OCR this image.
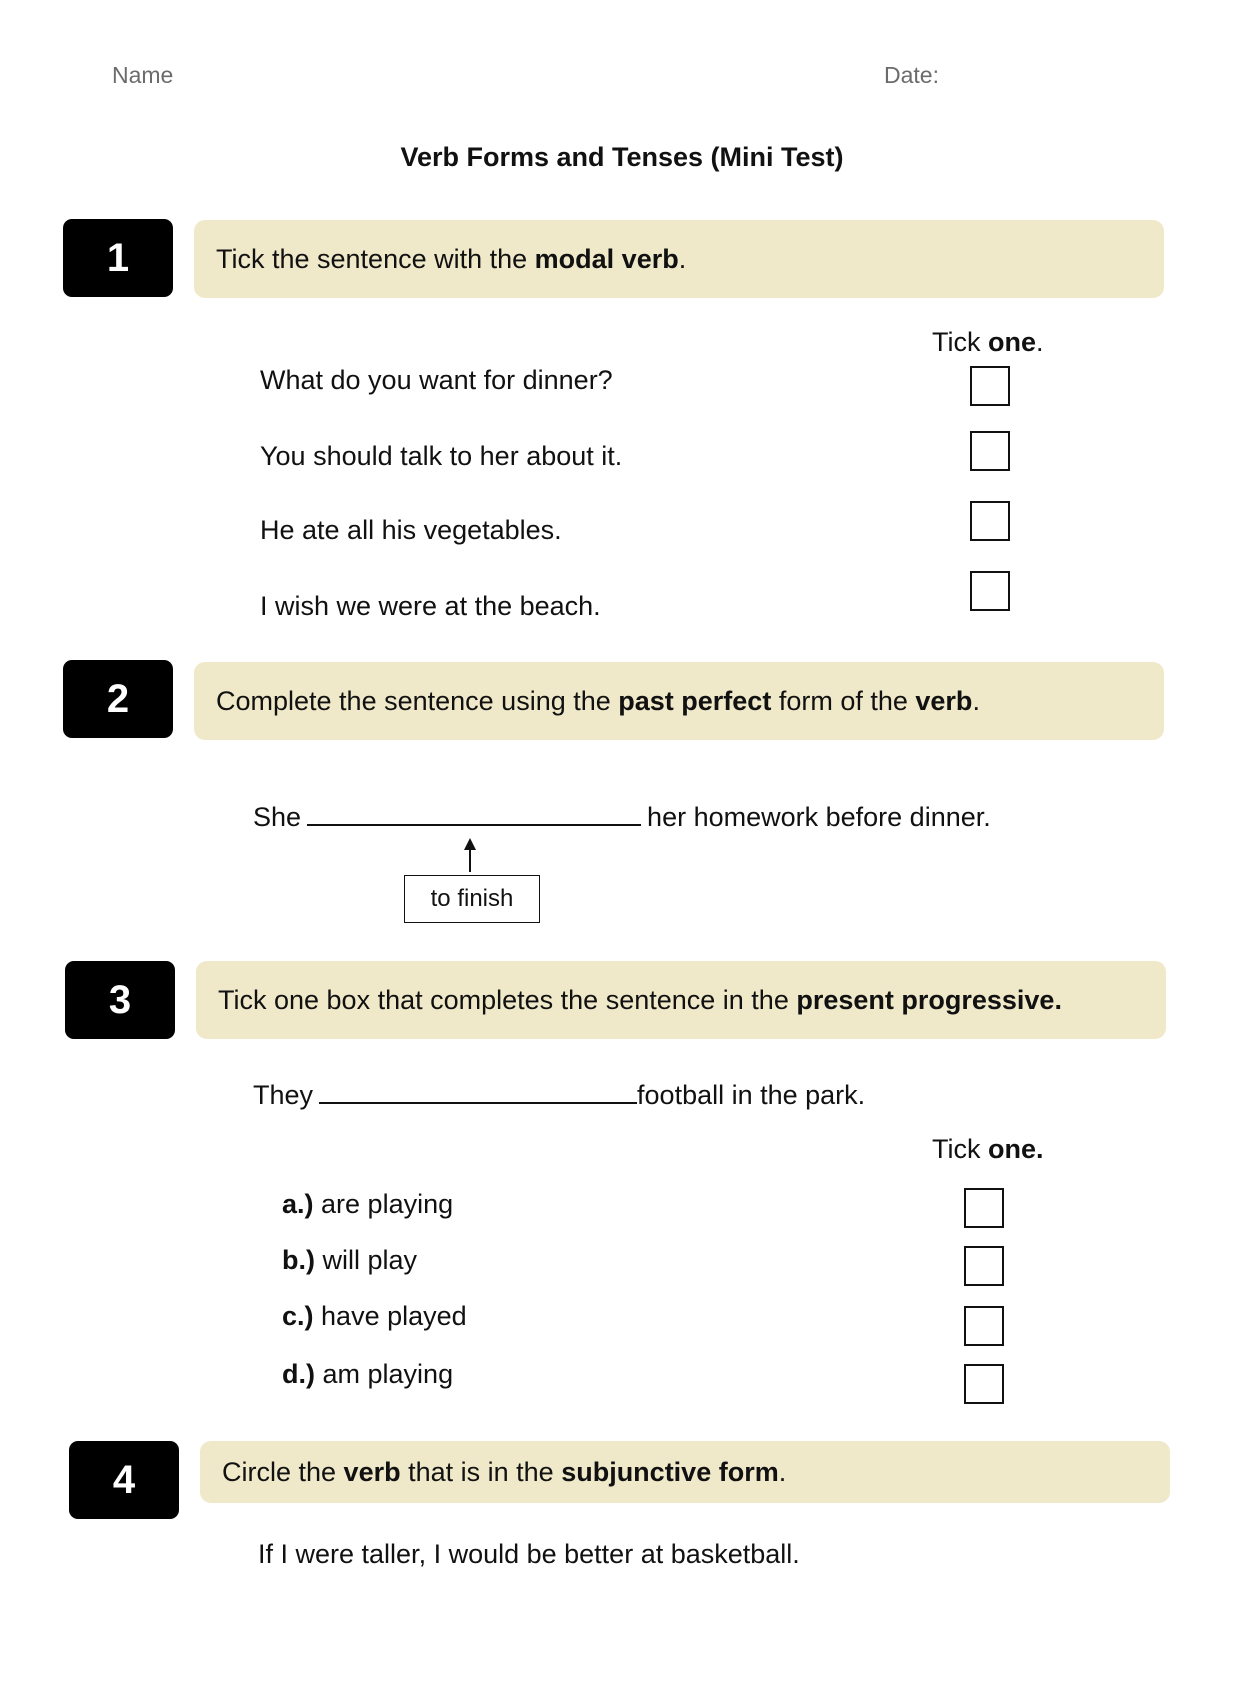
Name	Date:
Verb Forms and Tenses (Mini Test)
1	Tick the sentence with the modal verb .
Tick one.
What do you want for dinner?
You should talk to her about it.
He ate all his vegetables.
I wish we were at the beach.
2	Complete the sentence using the past perfect form of the verb .
She	her homework before dinner.
to finish
3	Tick one box that completes the sentence in the present progressive.
They	football in the park.
Tick one.
a.) are playing
b.) will play
c.) have played
d.) am playing
4	Circle the verb that is in the subjunctive form .
If I were taller, I would be better at basketball.
